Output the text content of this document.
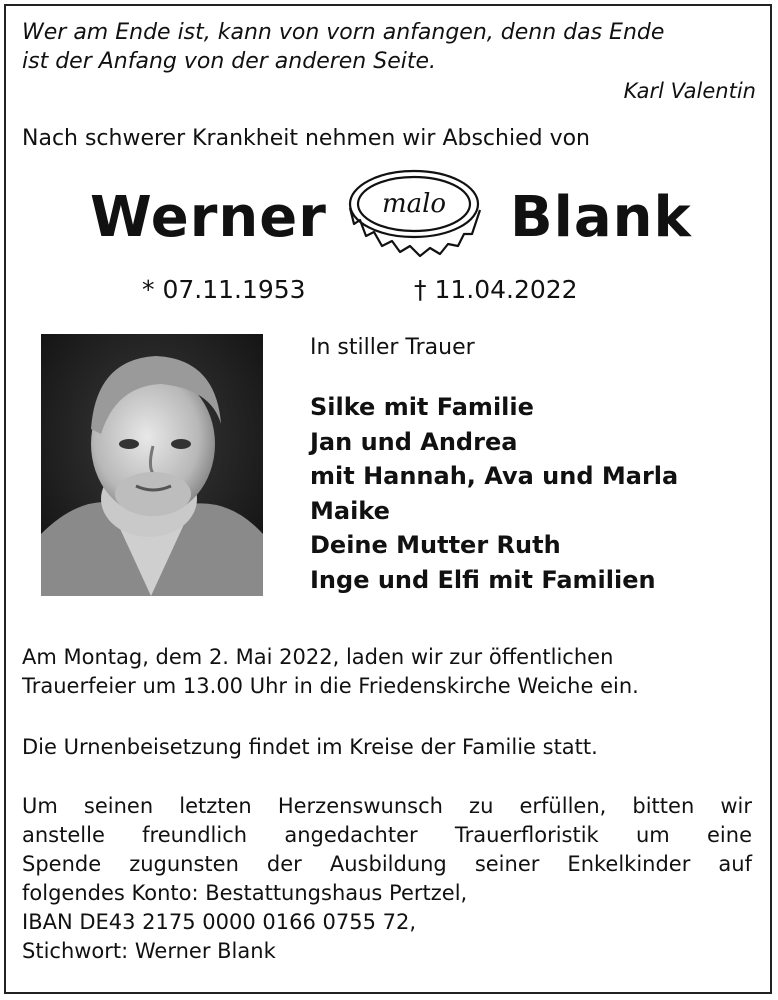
Wer am Ende ist, kann von vorn anfangen, denn das Ende
ist der Anfang von der anderen Seite.
Karl Valentin
Nach schwerer Krankheit nehmen wir Abschied von
Werner malo Blank
* 07.11.1953	† 11.04.2022
In stiller Trauer
Silke mit Familie
Jan und Andrea
mit Hannah, Ava und Marla
Maike
Deine Mutter Ruth
Inge und Elfi mit Familien
Am Montag, dem 2. Mai 2022, laden wir zur öffentlichen
Trauerfeier um 13.00 Uhr in die Friedenskirche Weiche ein.
Die Urnenbeisetzung findet im Kreise der Familie statt.
Um seinen letzten Herzenswunsch zu erfüllen, bitten wir
anstelle freundlich angedachter Trauerfloristik um eine
Spende zugunsten der Ausbildung seiner Enkelkinder auf
folgendes Konto: Bestattungshaus Pertzel,
IBAN DE43 2175 0000 0166 0755 72,
Stichwort: Werner Blank
